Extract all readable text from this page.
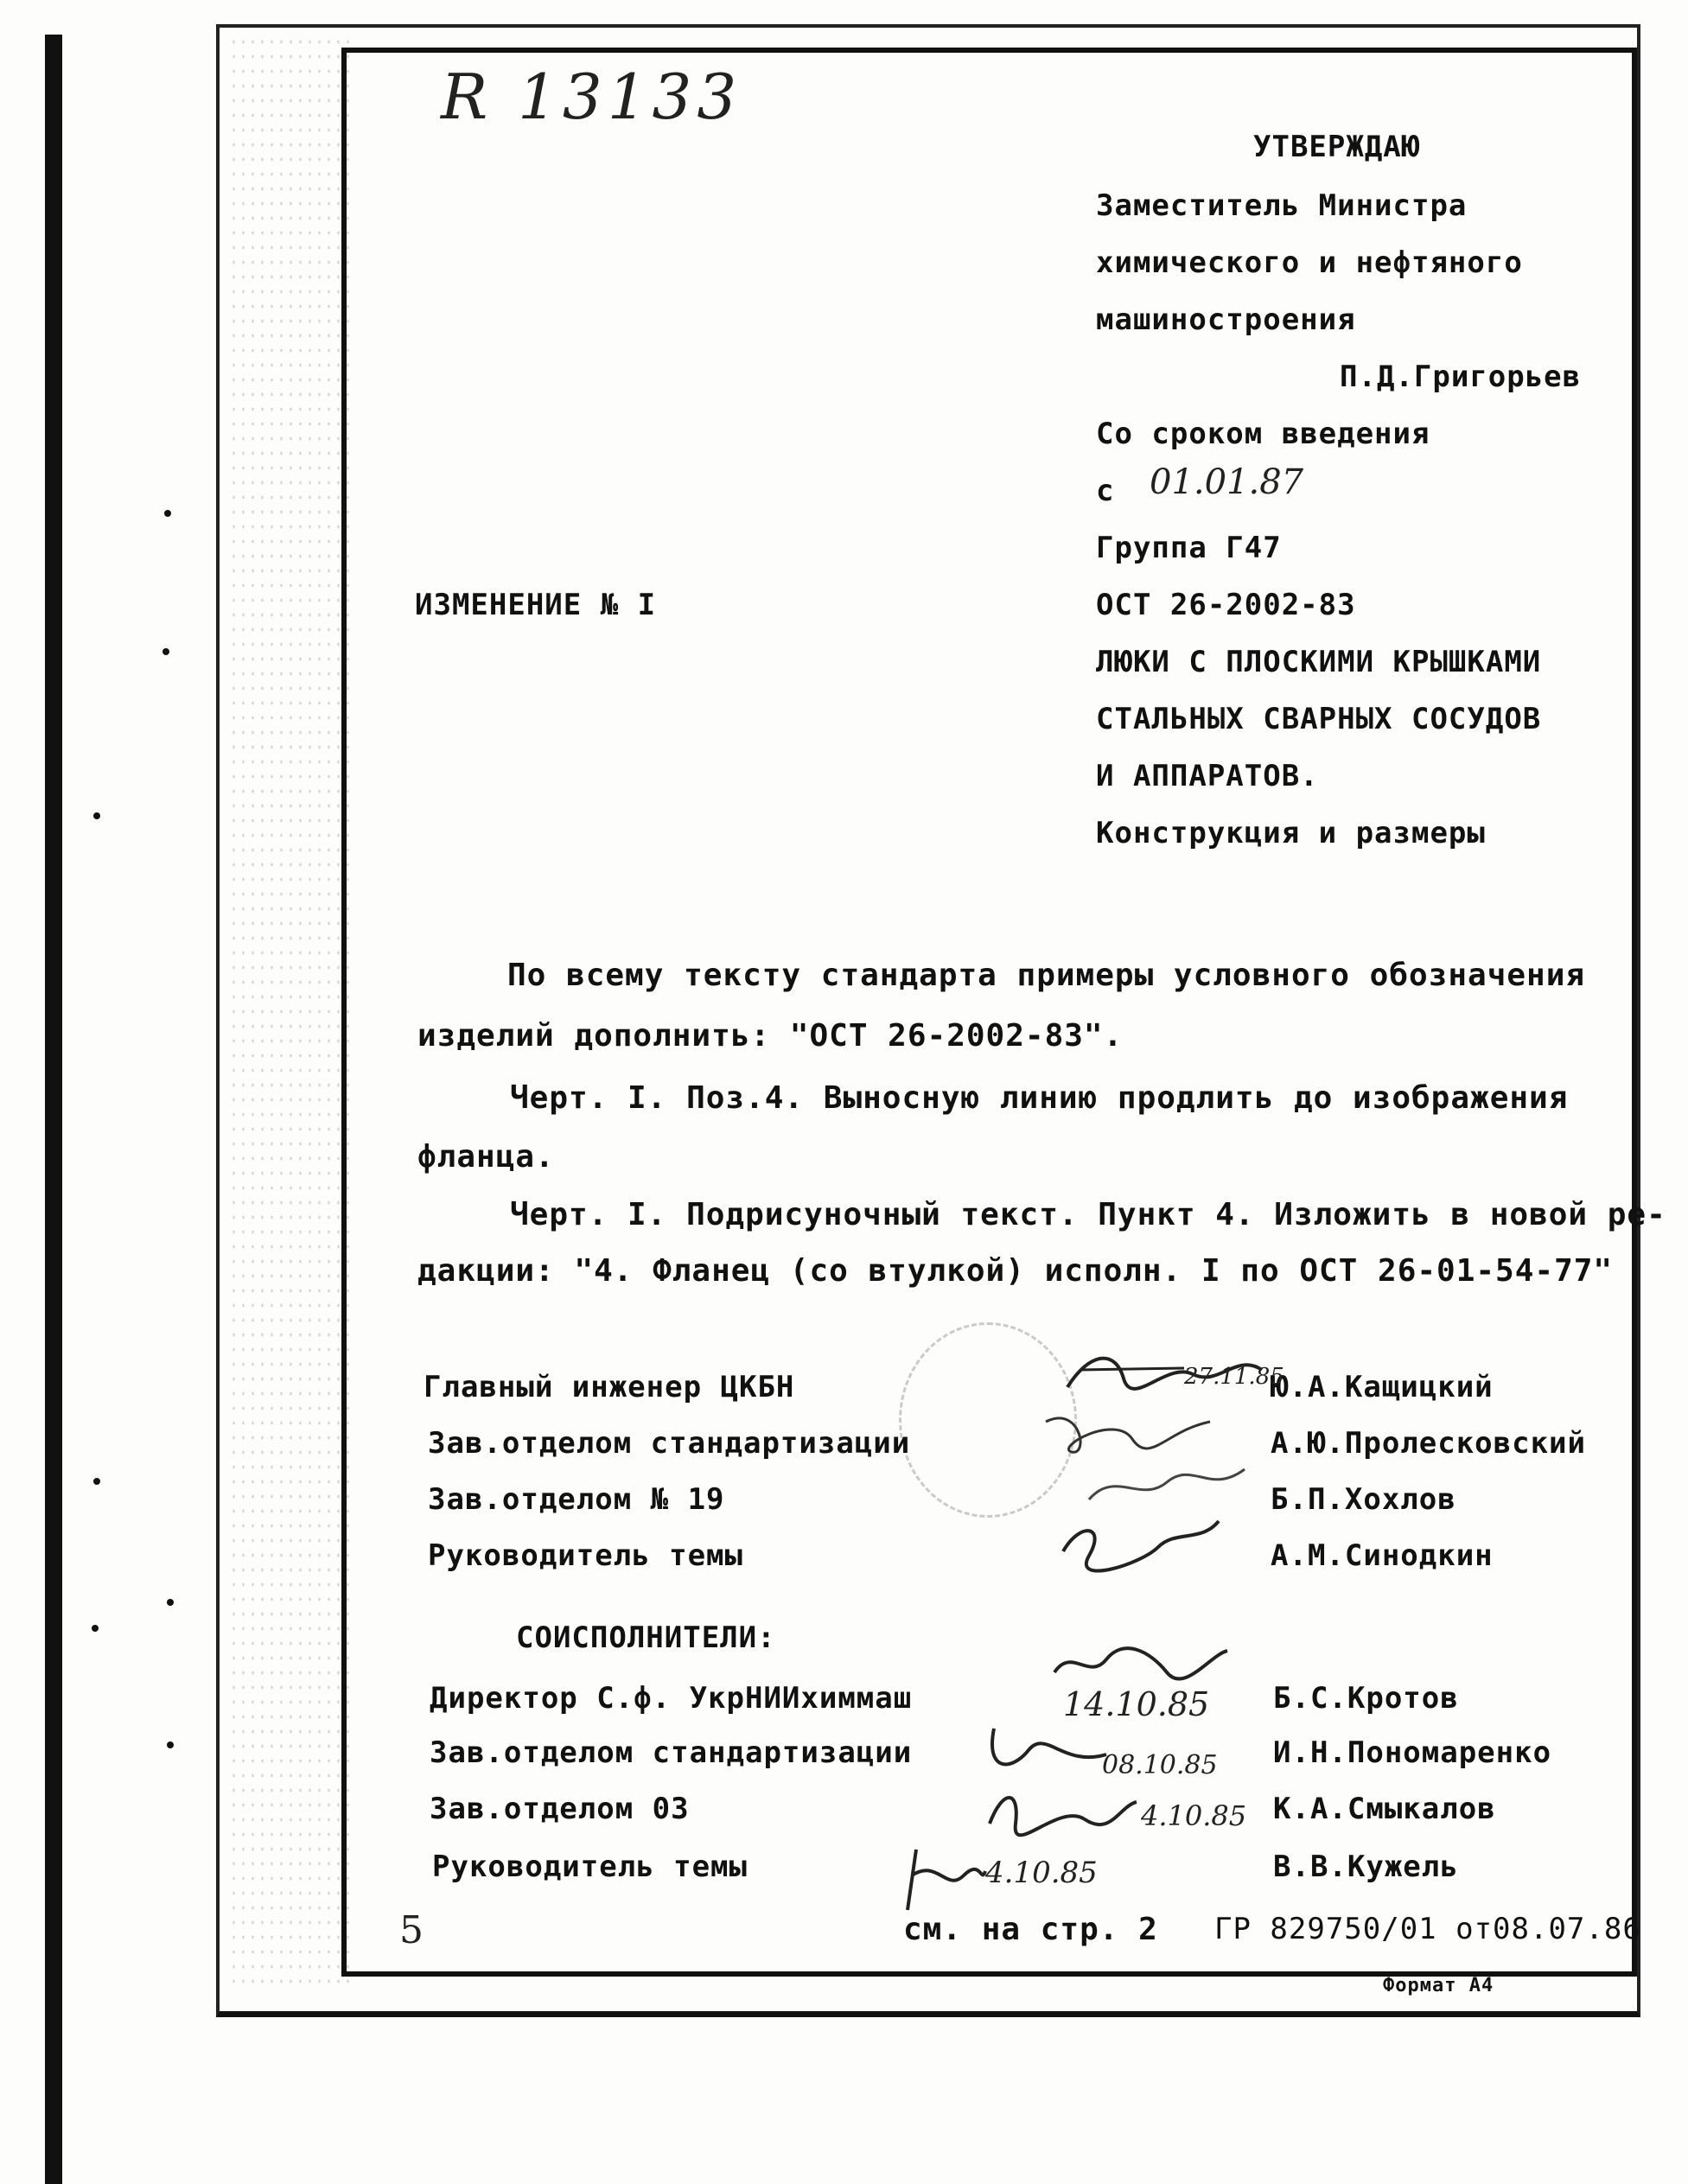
R 13133
УТВЕРЖДАЮ
Заместитель Министра
химического и нефтяного
машиностроения
П.Д.Григорьев
Со сроком введения
с 01.01.87
Группа Г47
ОСТ 26-2002-83
ЛЮКИ С ПЛОСКИМИ КРЫШКАМИ
СТАЛЬНЫХ СВАРНЫХ СОСУДОВ
И АППАРАТОВ.
Конструкция и размеры
ИЗМЕНЕНИЕ № I
По всему тексту стандарта примеры условного обозначения
изделий дополнить: "ОСТ 26-2002-83".
Черт. I. Поз.4. Выносную линию продлить до изображения
фланца.
Черт. I. Подрисуночный текст. Пункт 4. Изложить в новой ре-
дакции: "4. Фланец (со втулкой) исполн. I по ОСТ 26-01-54-77"
Главный инженер ЦКБН	Ю.А.Кащицкий
27.11.85
Зав.отделом стандартизации	А.Ю.Пролесковский
Зав.отделом № 19	Б.П.Хохлов
Руководитель темы	А.М.Синодкин
СОИСПОЛНИТЕЛИ:
Директор С.ф. УкрНИИхиммаш	Б.С.Кротов
14.10.85
Зав.отделом стандартизации	И.Н.Пономаренко
08.10.85
Зав.отделом 03	К.А.Смыкалов
4.10.85
Руководитель темы	В.В.Кужель
4.10.85
см. на стр. 2 ГР 829750/01 от08.07.86
5
Формат А4
